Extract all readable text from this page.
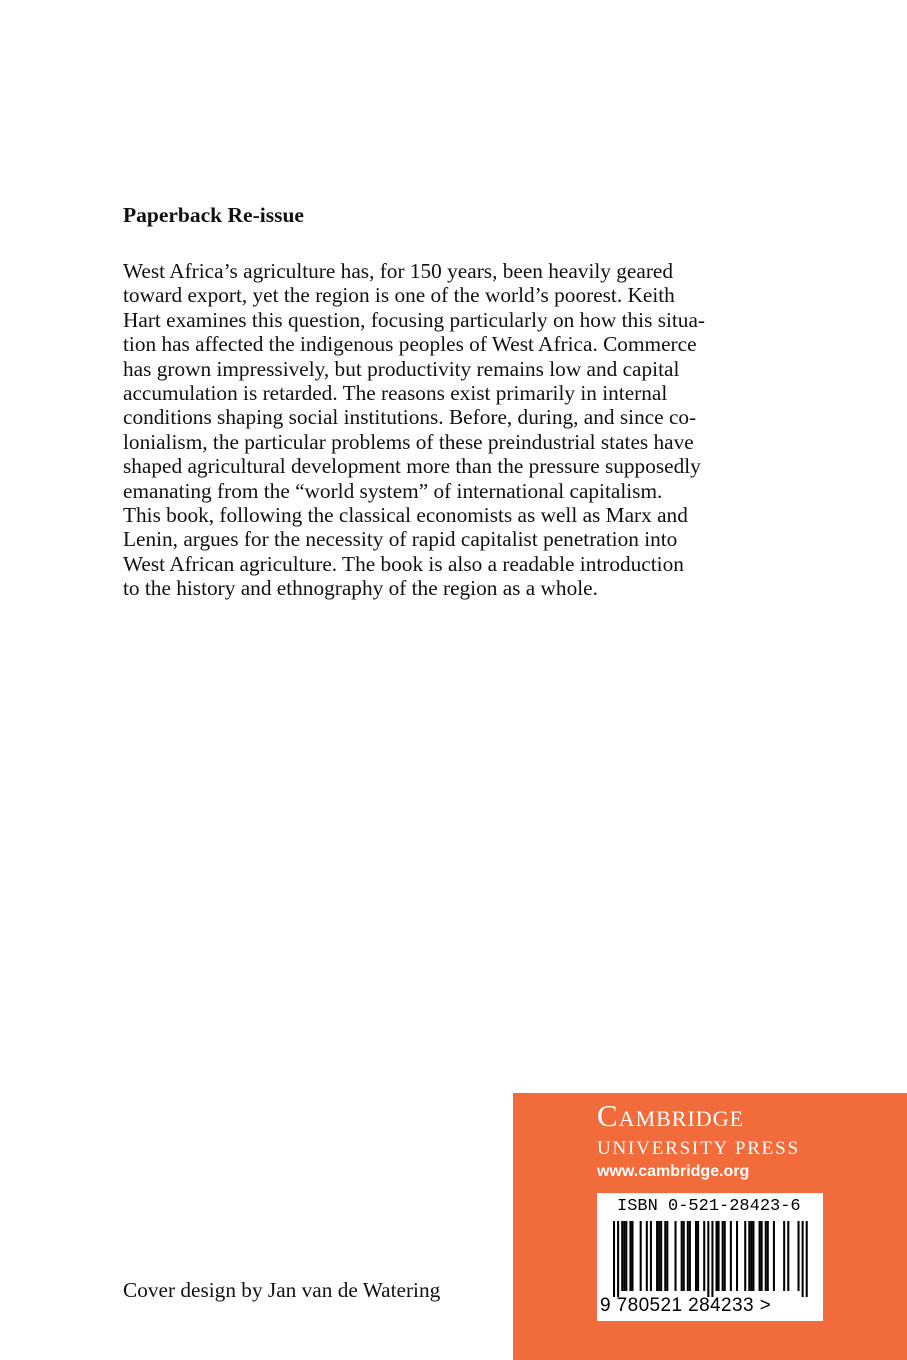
Paperback Re-issue

West Africa’s agriculture has, for 150 years, been heavily geared
toward export, yet the region is one of the world’s poorest. Keith
Hart examines this question, focusing particularly on how this situa-
tion has affected the indigenous peoples of West Africa. Commerce
has grown impressively, but productivity remains low and capital
accumulation is retarded. The reasons exist primarily in internal
conditions shaping social institutions. Before, during, and since co-
lonialism, the particular problems of these preindustrial states have
shaped agricultural development more than the pressure supposedly
emanating from the “world system” of international capitalism.
This book, following the classical economists as well as Marx and
Lenin, argues for the necessity of rapid capitalist penetration into
West African agriculture. The book is also a readable introduction
to the history and ethnography of the region as a whole.

Cover design by Jan van de Watering

Cambridge
UNIVERSITY PRESS
www.cambridge.org
ISBN 0-521-28423-6
9 780521 284233 >
